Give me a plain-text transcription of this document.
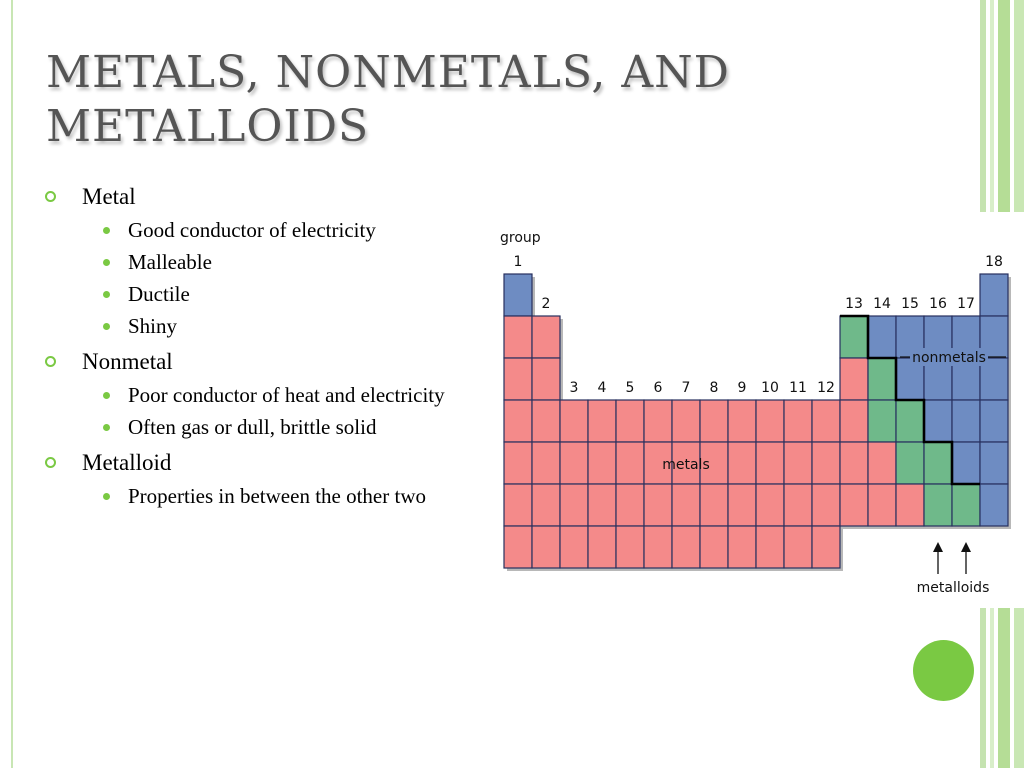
METALS, NONMETALS, AND
METALLOIDS
Metal
Good conductor of electricity
Malleable
Ductile
Shiny
Nonmetal
Poor conductor of heat and electricity
Often gas or dull, brittle solid
Metalloid
Properties in between the other two
1
2
3 4 5 6 7 8 9 10 11 12
13 14 15 16 17
18
group
metals
nonmetals
metalloids
